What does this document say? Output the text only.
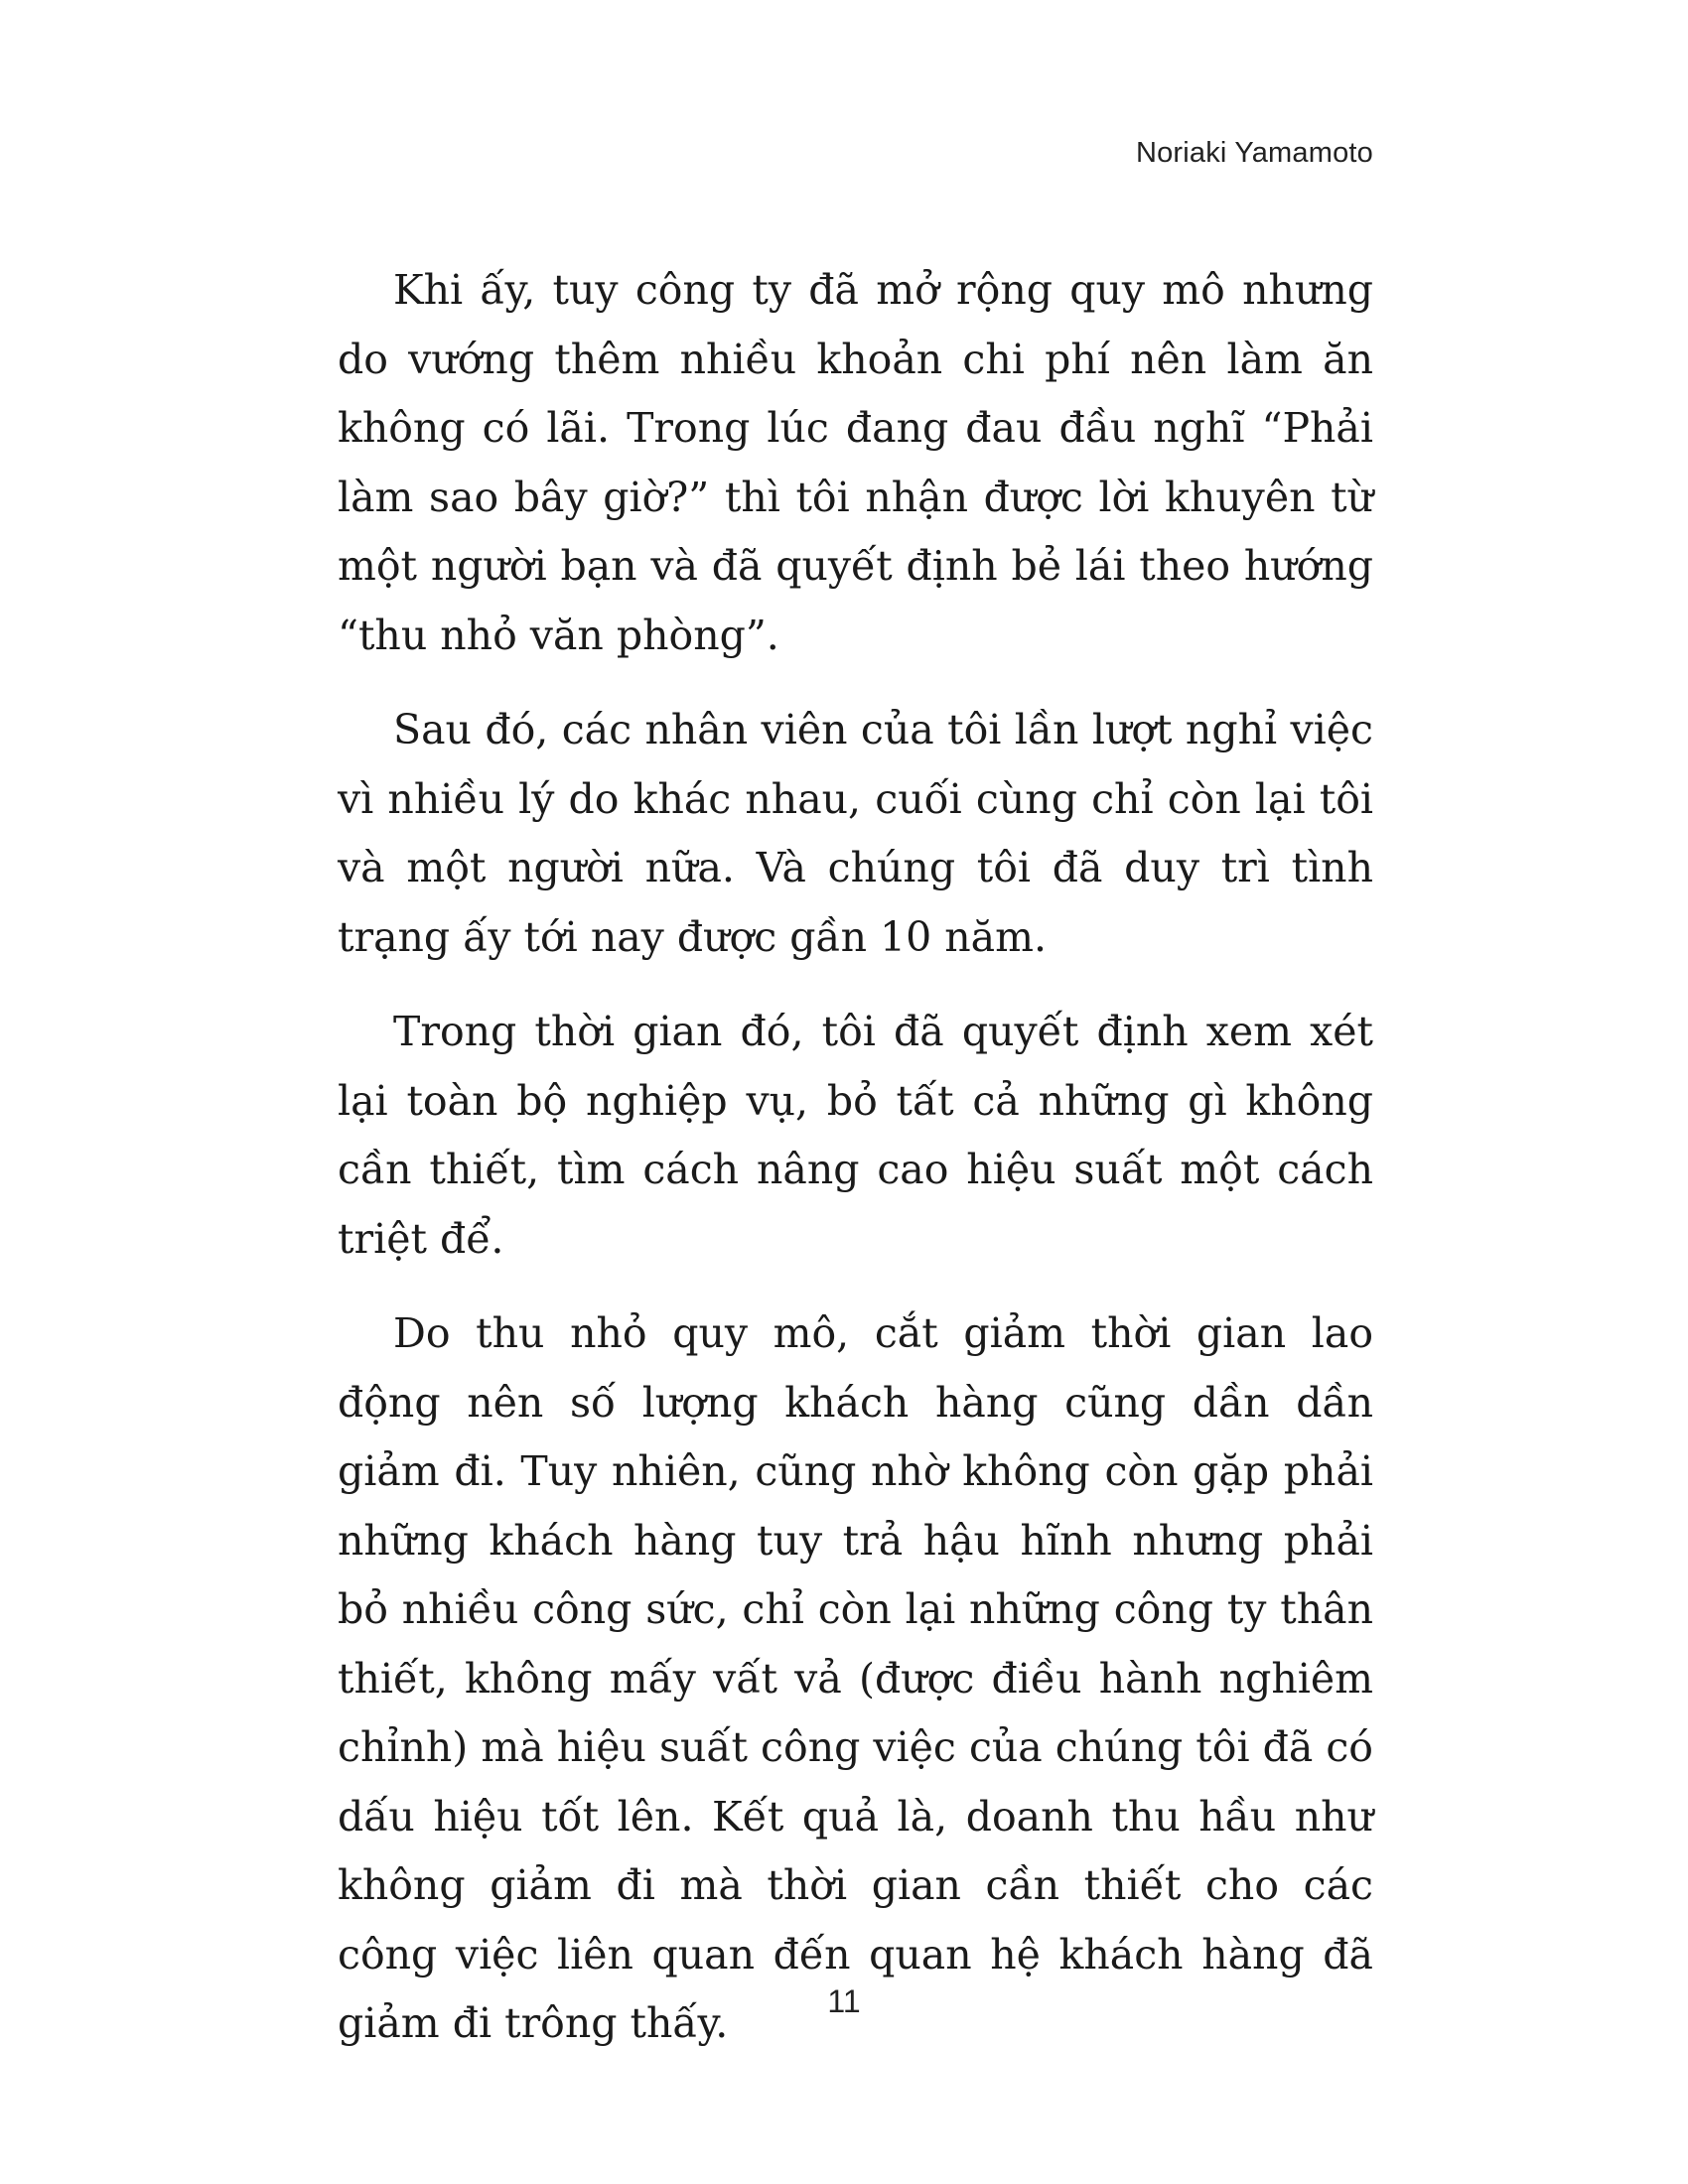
Noriaki Yamamoto

Khi ấy, tuy công ty đã mở rộng quy mô nhưng do vướng thêm nhiều khoản chi phí nên làm ăn không có lãi. Trong lúc đang đau đầu nghĩ “Phải làm sao bây giờ?” thì tôi nhận được lời khuyên từ một người bạn và đã quyết định bẻ lái theo hướng “thu nhỏ văn phòng”.

Sau đó, các nhân viên của tôi lần lượt nghỉ việc vì nhiều lý do khác nhau, cuối cùng chỉ còn lại tôi và một người nữa. Và chúng tôi đã duy trì tình trạng ấy tới nay được gần 10 năm.

Trong thời gian đó, tôi đã quyết định xem xét lại toàn bộ nghiệp vụ, bỏ tất cả những gì không cần thiết, tìm cách nâng cao hiệu suất một cách triệt để.

Do thu nhỏ quy mô, cắt giảm thời gian lao động nên số lượng khách hàng cũng dần dần giảm đi. Tuy nhiên, cũng nhờ không còn gặp phải những khách hàng tuy trả hậu hĩnh nhưng phải bỏ nhiều công sức, chỉ còn lại những công ty thân thiết, không mấy vất vả (được điều hành nghiêm chỉnh) mà hiệu suất công việc của chúng tôi đã có dấu hiệu tốt lên. Kết quả là, doanh thu hầu như không giảm đi mà thời gian cần thiết cho các công việc liên quan đến quan hệ khách hàng đã giảm đi trông thấy.	11
